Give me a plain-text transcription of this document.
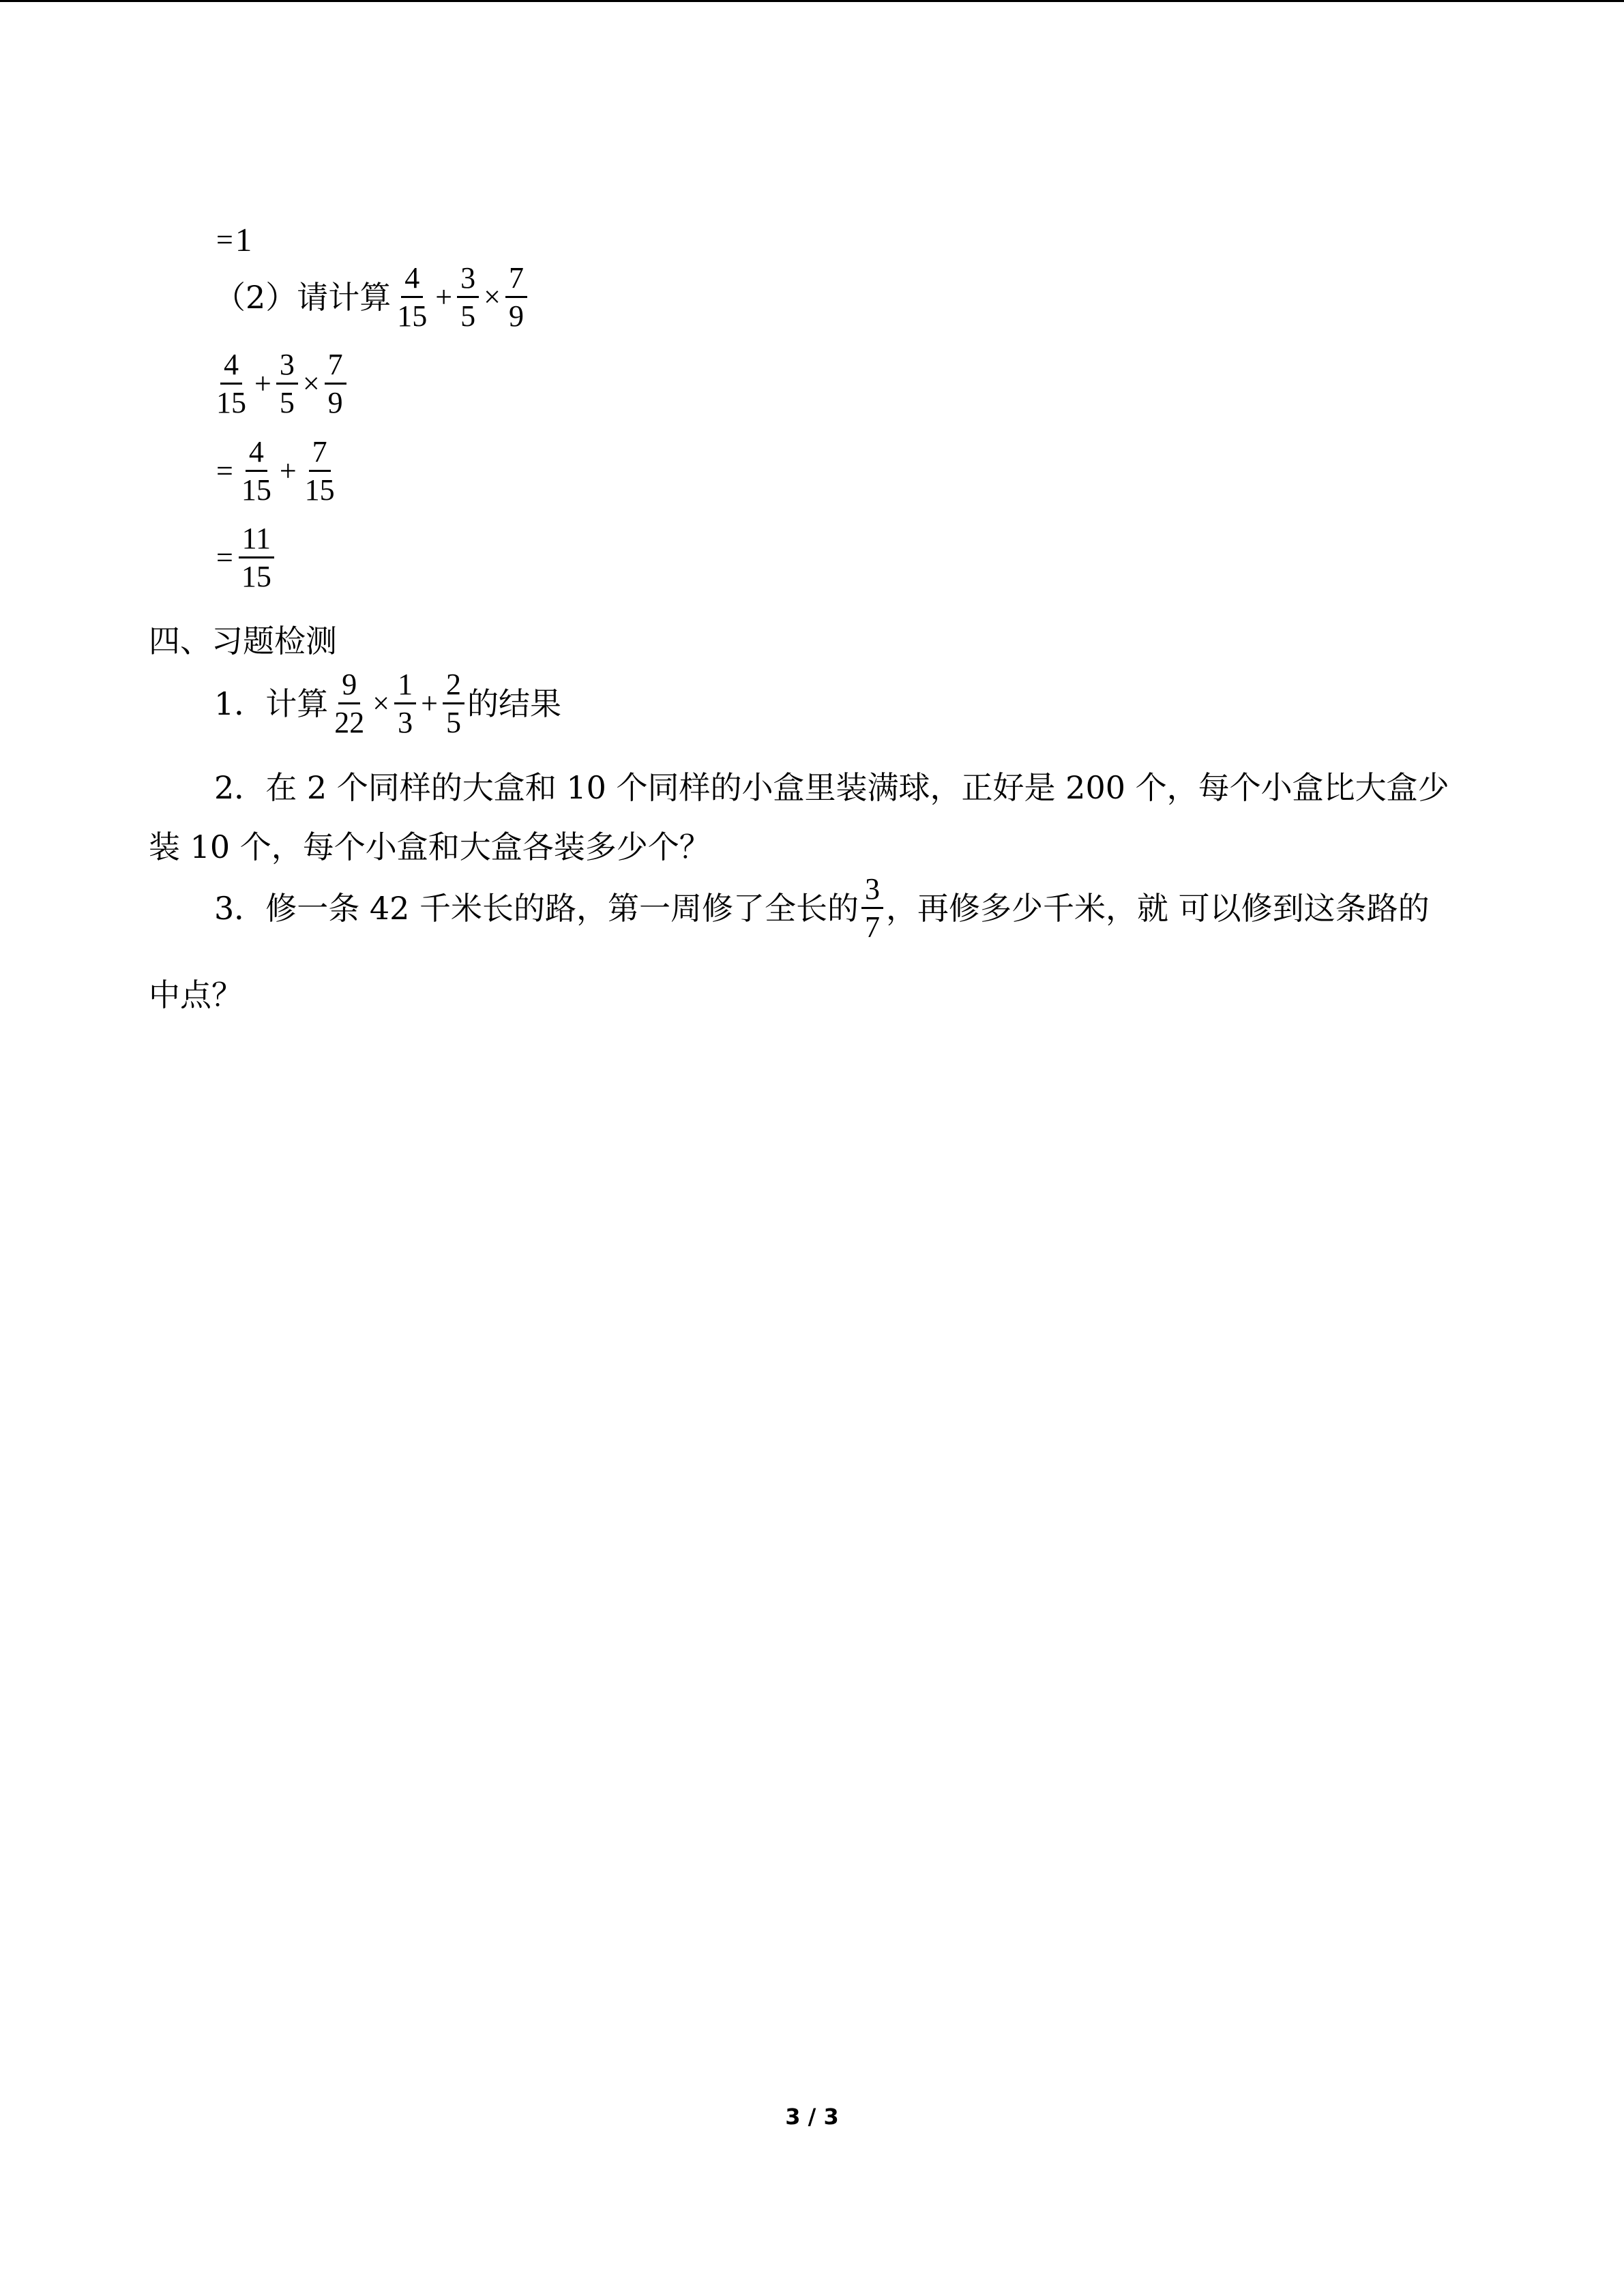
= 1
（2）请计算 $\frac{4}{15} + \frac{3}{5} \times \frac{7}{9}$
$\frac{4}{15} + \frac{3}{5} \times \frac{7}{9}$
= $\frac{4}{15} + \frac{7}{15}$
= $\frac{11}{15}$
四、习题检测
1．计算 $\frac{9}{22} \times \frac{1}{3} + \frac{2}{5}$ 的结果
2．在 2 个同样的大盒和 10 个同样的小盒里装满球，正好是 200 个，每个小盒比大盒少
装 10 个，每个小盒和大盒各装多少个？
3．修一条 42 千米长的路，第一周修了全长的 $\frac{3}{7}$ ，再修多少千米，就 可以修到这条路的
中点？
3 / 3
